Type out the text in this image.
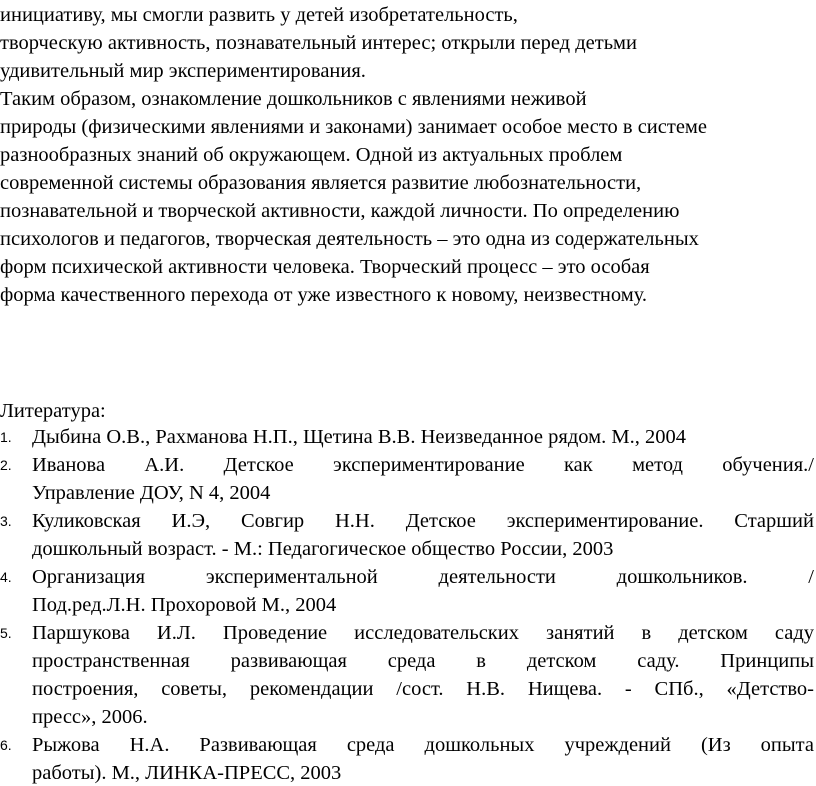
инициативу, мы смогли развить у детей изобретательность,
творческую активность, познавательный интерес; открыли перед детьми
удивительный мир экспериментирования.
Таким образом, ознакомление дошкольников с явлениями неживой
природы (физическими явлениями и законами) занимает особое место в системе
разнообразных знаний об окружающем. Одной из актуальных проблем
современной системы образования является развитие любознательности,
познавательной и творческой активности, каждой личности. По определению
психологов и педагогов, творческая деятельность – это одна из содержательных
форм психической активности человека. Творческий процесс – это особая
форма качественного перехода от уже известного к новому, неизвестному.
Литература:
1. Дыбина О.В., Рахманова Н.П., Щетина В.В. Неизведанное рядом. М., 2004
2. Иванова А.И. Детское экспериментирование как метод обучения./
Управление ДОУ, N 4, 2004
3. Куликовская И.Э, Совгир Н.Н. Детское экспериментирование. Старший
дошкольный возраст. - М.: Педагогическое общество России, 2003
4. Организация экспериментальной деятельности дошкольников. /
Под.ред.Л.Н. Прохоровой М., 2004
5. Паршукова И.Л. Проведение исследовательских занятий в детском саду
пространственная развивающая среда в детском саду. Принципы
построения, советы, рекомендации /сост. Н.В. Нищева. - СПб., «Детство-
пресс», 2006.
6. Рыжова Н.А. Развивающая среда дошкольных учреждений (Из опыта
работы). М., ЛИНКА-ПРЕСС, 2003
